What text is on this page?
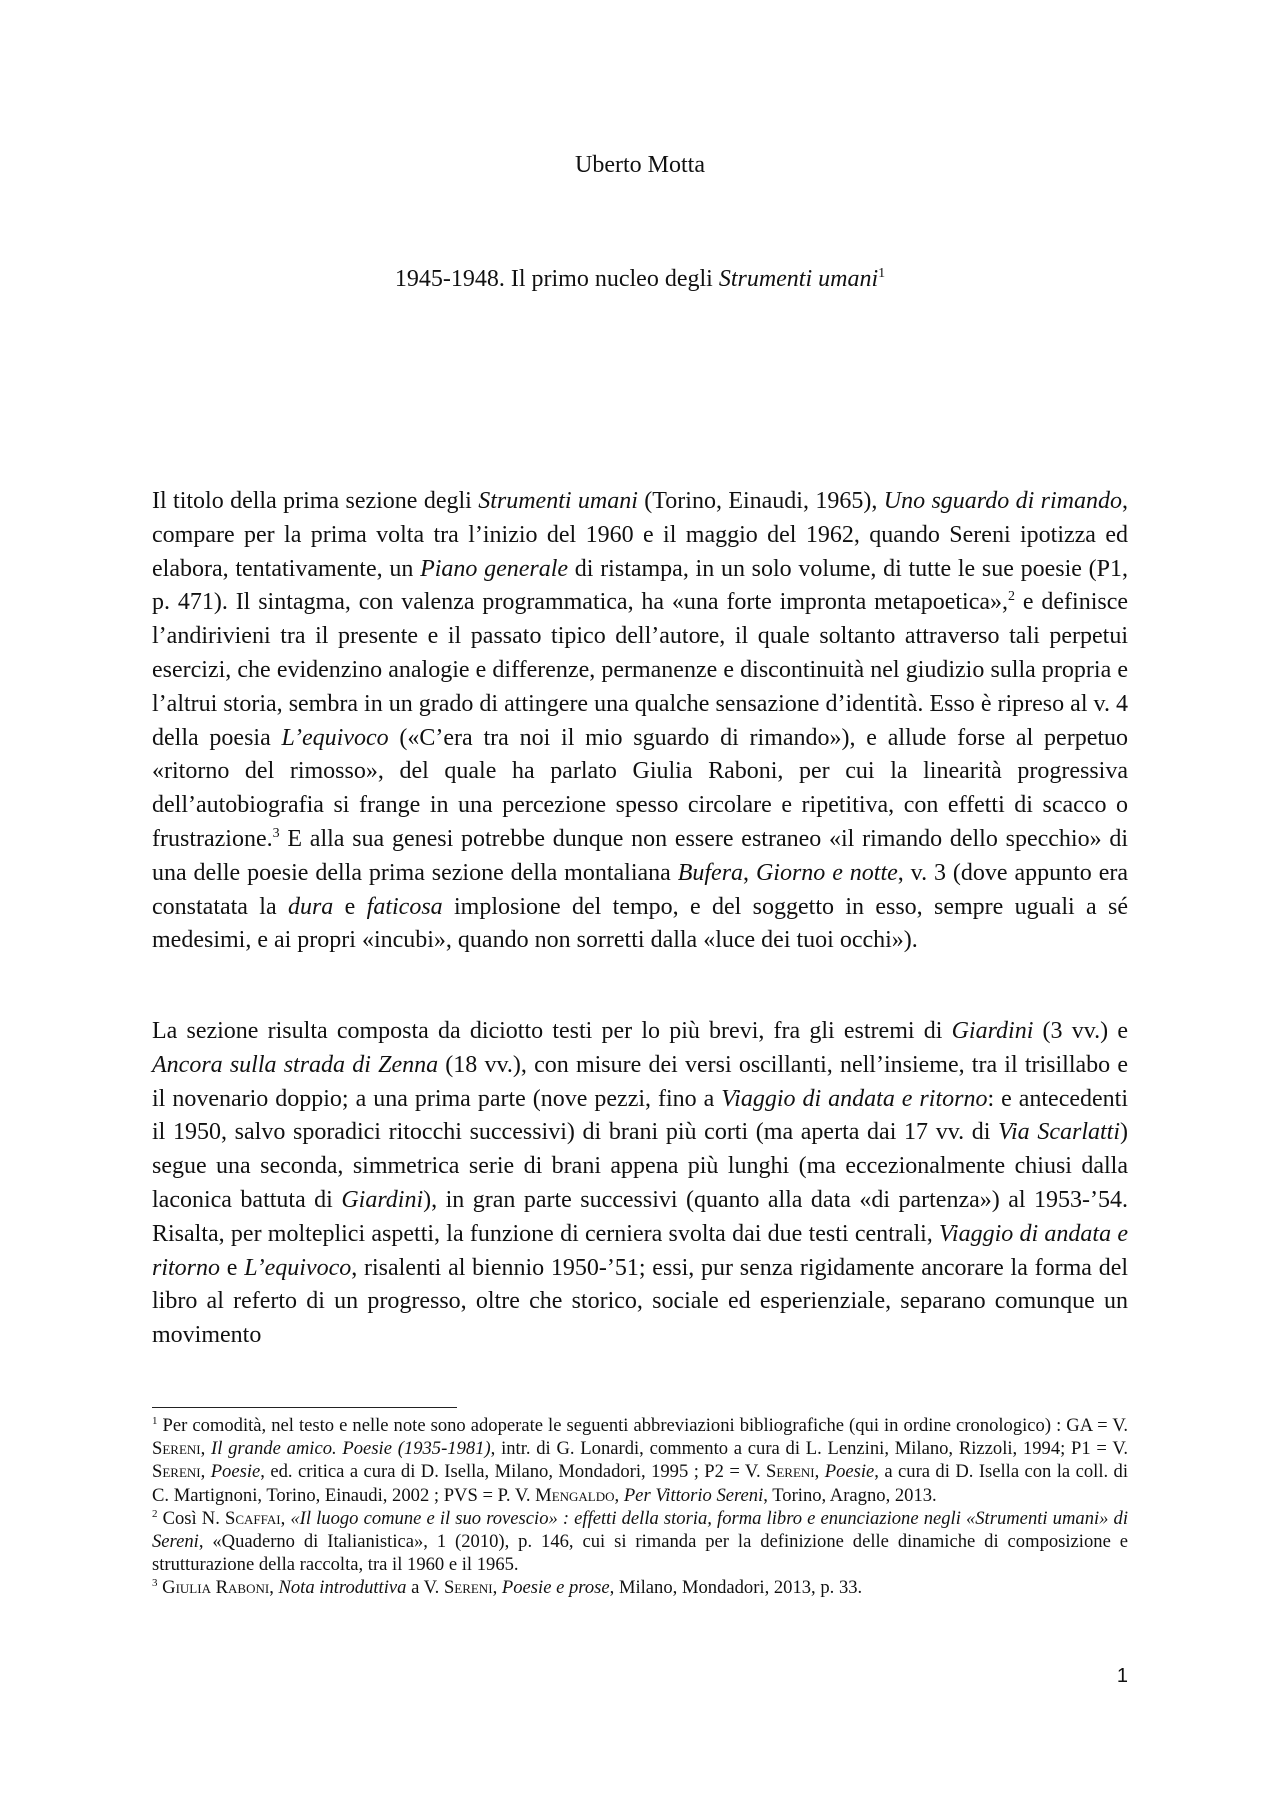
Uberto Motta
1945-1948. Il primo nucleo degli Strumenti umani$^1$

Il titolo della prima sezione degli Strumenti umani (Torino, Einaudi, 1965), Uno sguardo di rimando, compare per la prima volta tra l’inizio del 1960 e il maggio del 1962, quando Sereni ipotizza ed elabora, tentativamente, un Piano generale di ristampa, in un solo volume, di tutte le sue poesie (P1, p. 471). Il sintagma, con valenza programmatica, ha «una forte impronta metapoetica»,$^2$ e definisce l’andirivieni tra il presente e il passato tipico dell’autore, il quale soltanto attraverso tali perpetui esercizi, che evidenzino analogie e differenze, permanenze e discontinuità nel giudizio sulla propria e l’altrui storia, sembra in un grado di attingere una qualche sensazione d’identità. Esso è ripreso al v. 4 della poesia L’equivoco («C’era tra noi il mio sguardo di rimando»), e allude forse al perpetuo «ritorno del rimosso», del quale ha parlato Giulia Raboni, per cui la linearità progressiva dell’autobiografia si frange in una percezione spesso circolare e ripetitiva, con effetti di scacco o frustrazione.$^3$ E alla sua genesi potrebbe dunque non essere estraneo «il rimando dello specchio» di una delle poesie della prima sezione della montaliana Bufera, Giorno e notte, v. 3 (dove appunto era constatata la dura e faticosa implosione del tempo, e del soggetto in esso, sempre uguali a sé medesimi, e ai propri «incubi», quando non sorretti dalla «luce dei tuoi occhi»).

La sezione risulta composta da diciotto testi per lo più brevi, fra gli estremi di Giardini (3 vv.) e Ancora sulla strada di Zenna (18 vv.), con misure dei versi oscillanti, nell’insieme, tra il trisillabo e il novenario doppio; a una prima parte (nove pezzi, fino a Viaggio di andata e ritorno: e antecedenti il 1950, salvo sporadici ritocchi successivi) di brani più corti (ma aperta dai 17 vv. di Via Scarlatti) segue una seconda, simmetrica serie di brani appena più lunghi (ma eccezionalmente chiusi dalla laconica battuta di Giardini), in gran parte successivi (quanto alla data «di partenza») al 1953-’54. Risalta, per molteplici aspetti, la funzione di cerniera svolta dai due testi centrali, Viaggio di andata e ritorno e L’equivoco, risalenti al biennio 1950-’51; essi, pur senza rigidamente ancorare la forma del libro al referto di un progresso, oltre che storico, sociale ed esperienziale, separano comunque un movimento

$^1$ Per comodità, nel testo e nelle note sono adoperate le seguenti abbreviazioni bibliografiche (qui in ordine cronologico) : GA = V. Sereni, Il grande amico. Poesie (1935-1981), intr. di G. Lonardi, commento a cura di L. Lenzini, Milano, Rizzoli, 1994; P1 = V. Sereni, Poesie, ed. critica a cura di D. Isella, Milano, Mondadori, 1995 ; P2 = V. Sereni, Poesie, a cura di D. Isella con la coll. di C. Martignoni, Torino, Einaudi, 2002 ; PVS = P. V. Mengaldo, Per Vittorio Sereni, Torino, Aragno, 2013.

$^2$ Così N. Scaffai, «Il luogo comune e il suo rovescio» : effetti della storia, forma libro e enunciazione negli «Strumenti umani» di Sereni, «Quaderno di Italianistica», 1 (2010), p. 146, cui si rimanda per la definizione delle dinamiche di composizione e strutturazione della raccolta, tra il 1960 e il 1965.

$^3$ Giulia Raboni, Nota introduttiva a V. Sereni, Poesie e prose, Milano, Mondadori, 2013, p. 33.

1
